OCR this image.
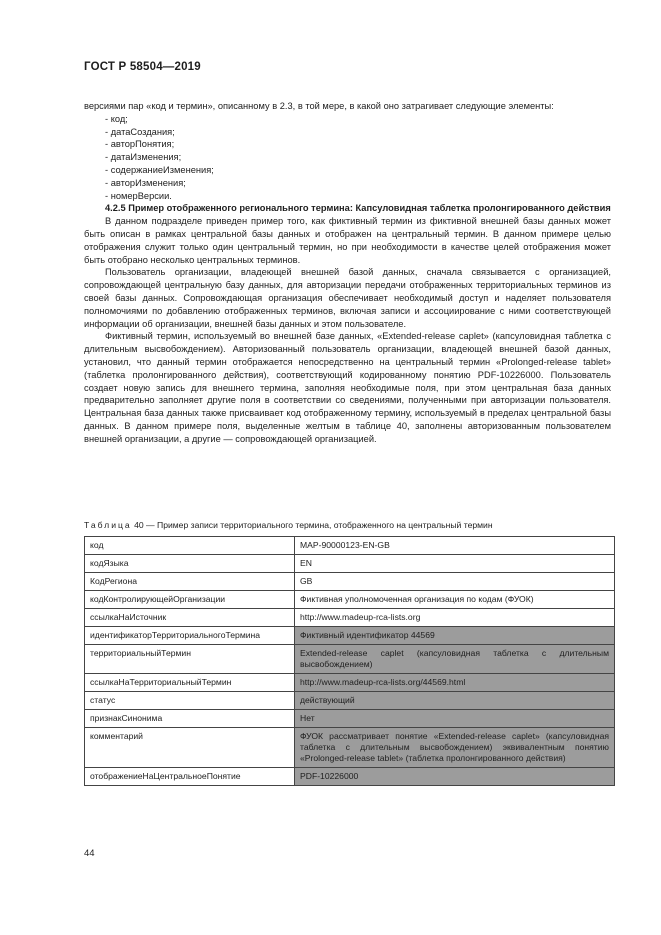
ГОСТ Р 58504—2019

версиями пар «код и термин», описанному в 2.3, в той мере, в какой оно затрагивает следующие элементы:

- код;
- датаСоздания;
- авторПонятия;
- датаИзменения;
- содержаниеИзменения;
- авторИзменения;
- номерВерсии.

4.2.5 Пример отображенного регионального термина: Капсуловидная таблетка пролонгированного действия

В данном подразделе приведен пример того, как фиктивный термин из фиктивной внешней базы данных может быть описан в рамках центральной базы данных и отображен на центральный термин. В данном примере целью отображения служит только один центральный термин, но при необходимости в качестве целей отображения может быть отобрано несколько центральных терминов.

Пользователь организации, владеющей внешней базой данных, сначала связывается с организацией, сопровождающей центральную базу данных, для авторизации передачи отображенных территориальных терминов из своей базы данных. Сопровождающая организация обеспечивает необходимый доступ и наделяет пользователя полномочиями по добавлению отображенных терминов, включая записи и ассоциирование с ними соответствующей информации об организации, внешней базы данных и этом пользователе.

Фиктивный термин, используемый во внешней базе данных, «Extended-release caplet» (капсуловидная таблетка с длительным высвобождением). Авторизованный пользователь организации, владеющей внешней базой данных, установил, что данный термин отображается непосредственно на центральный термин «Prolonged-release tablet» (таблетка пролонгированного действия), соответствующий кодированному понятию PDF-10226000. Пользователь создает новую запись для внешнего термина, заполняя необходимые поля, при этом центральная база данных предварительно заполняет другие поля в соответствии со сведениями, полученными при авторизации пользователя. Центральная база данных также присваивает код отображенному термину, используемый в пределах центральной базы данных. В данном примере поля, выделенные желтым в таблице 40, заполнены авторизованным пользователем внешней организации, а другие — сопровождающей организацией.

Таблица 40 — Пример записи территориального термина, отображенного на центральный термин
код	MAP-90000123-EN-GB
кодЯзыка	EN
КодРегиона	GB
кодКонтролирующейОрганизации	Фиктивная уполномоченная организация по кодам (ФУОК)
ссылкаНаИсточник	http://www.madeup-rca-lists.org
идентификаторТерриториальногоТермина	Фиктивный идентификатор 44569
территориальныйТермин	Extended-release caplet (капсуловидная таблетка с длительным высвобождением)
ссылкаНаТерриториальныйТермин	http://www.madeup-rca-lists.org/44569.html
статус	действующий
признакСинонима	Нет
комментарий	ФУОК рассматривает понятие «Extended-release caplet» (капсуловидная таблетка с длительным высвобождением) эквивалентным понятию «Prolonged-release tablet» (таблетка пролонгированного действия)
отображениеНаЦентральноеПонятие	PDF-10226000
44
